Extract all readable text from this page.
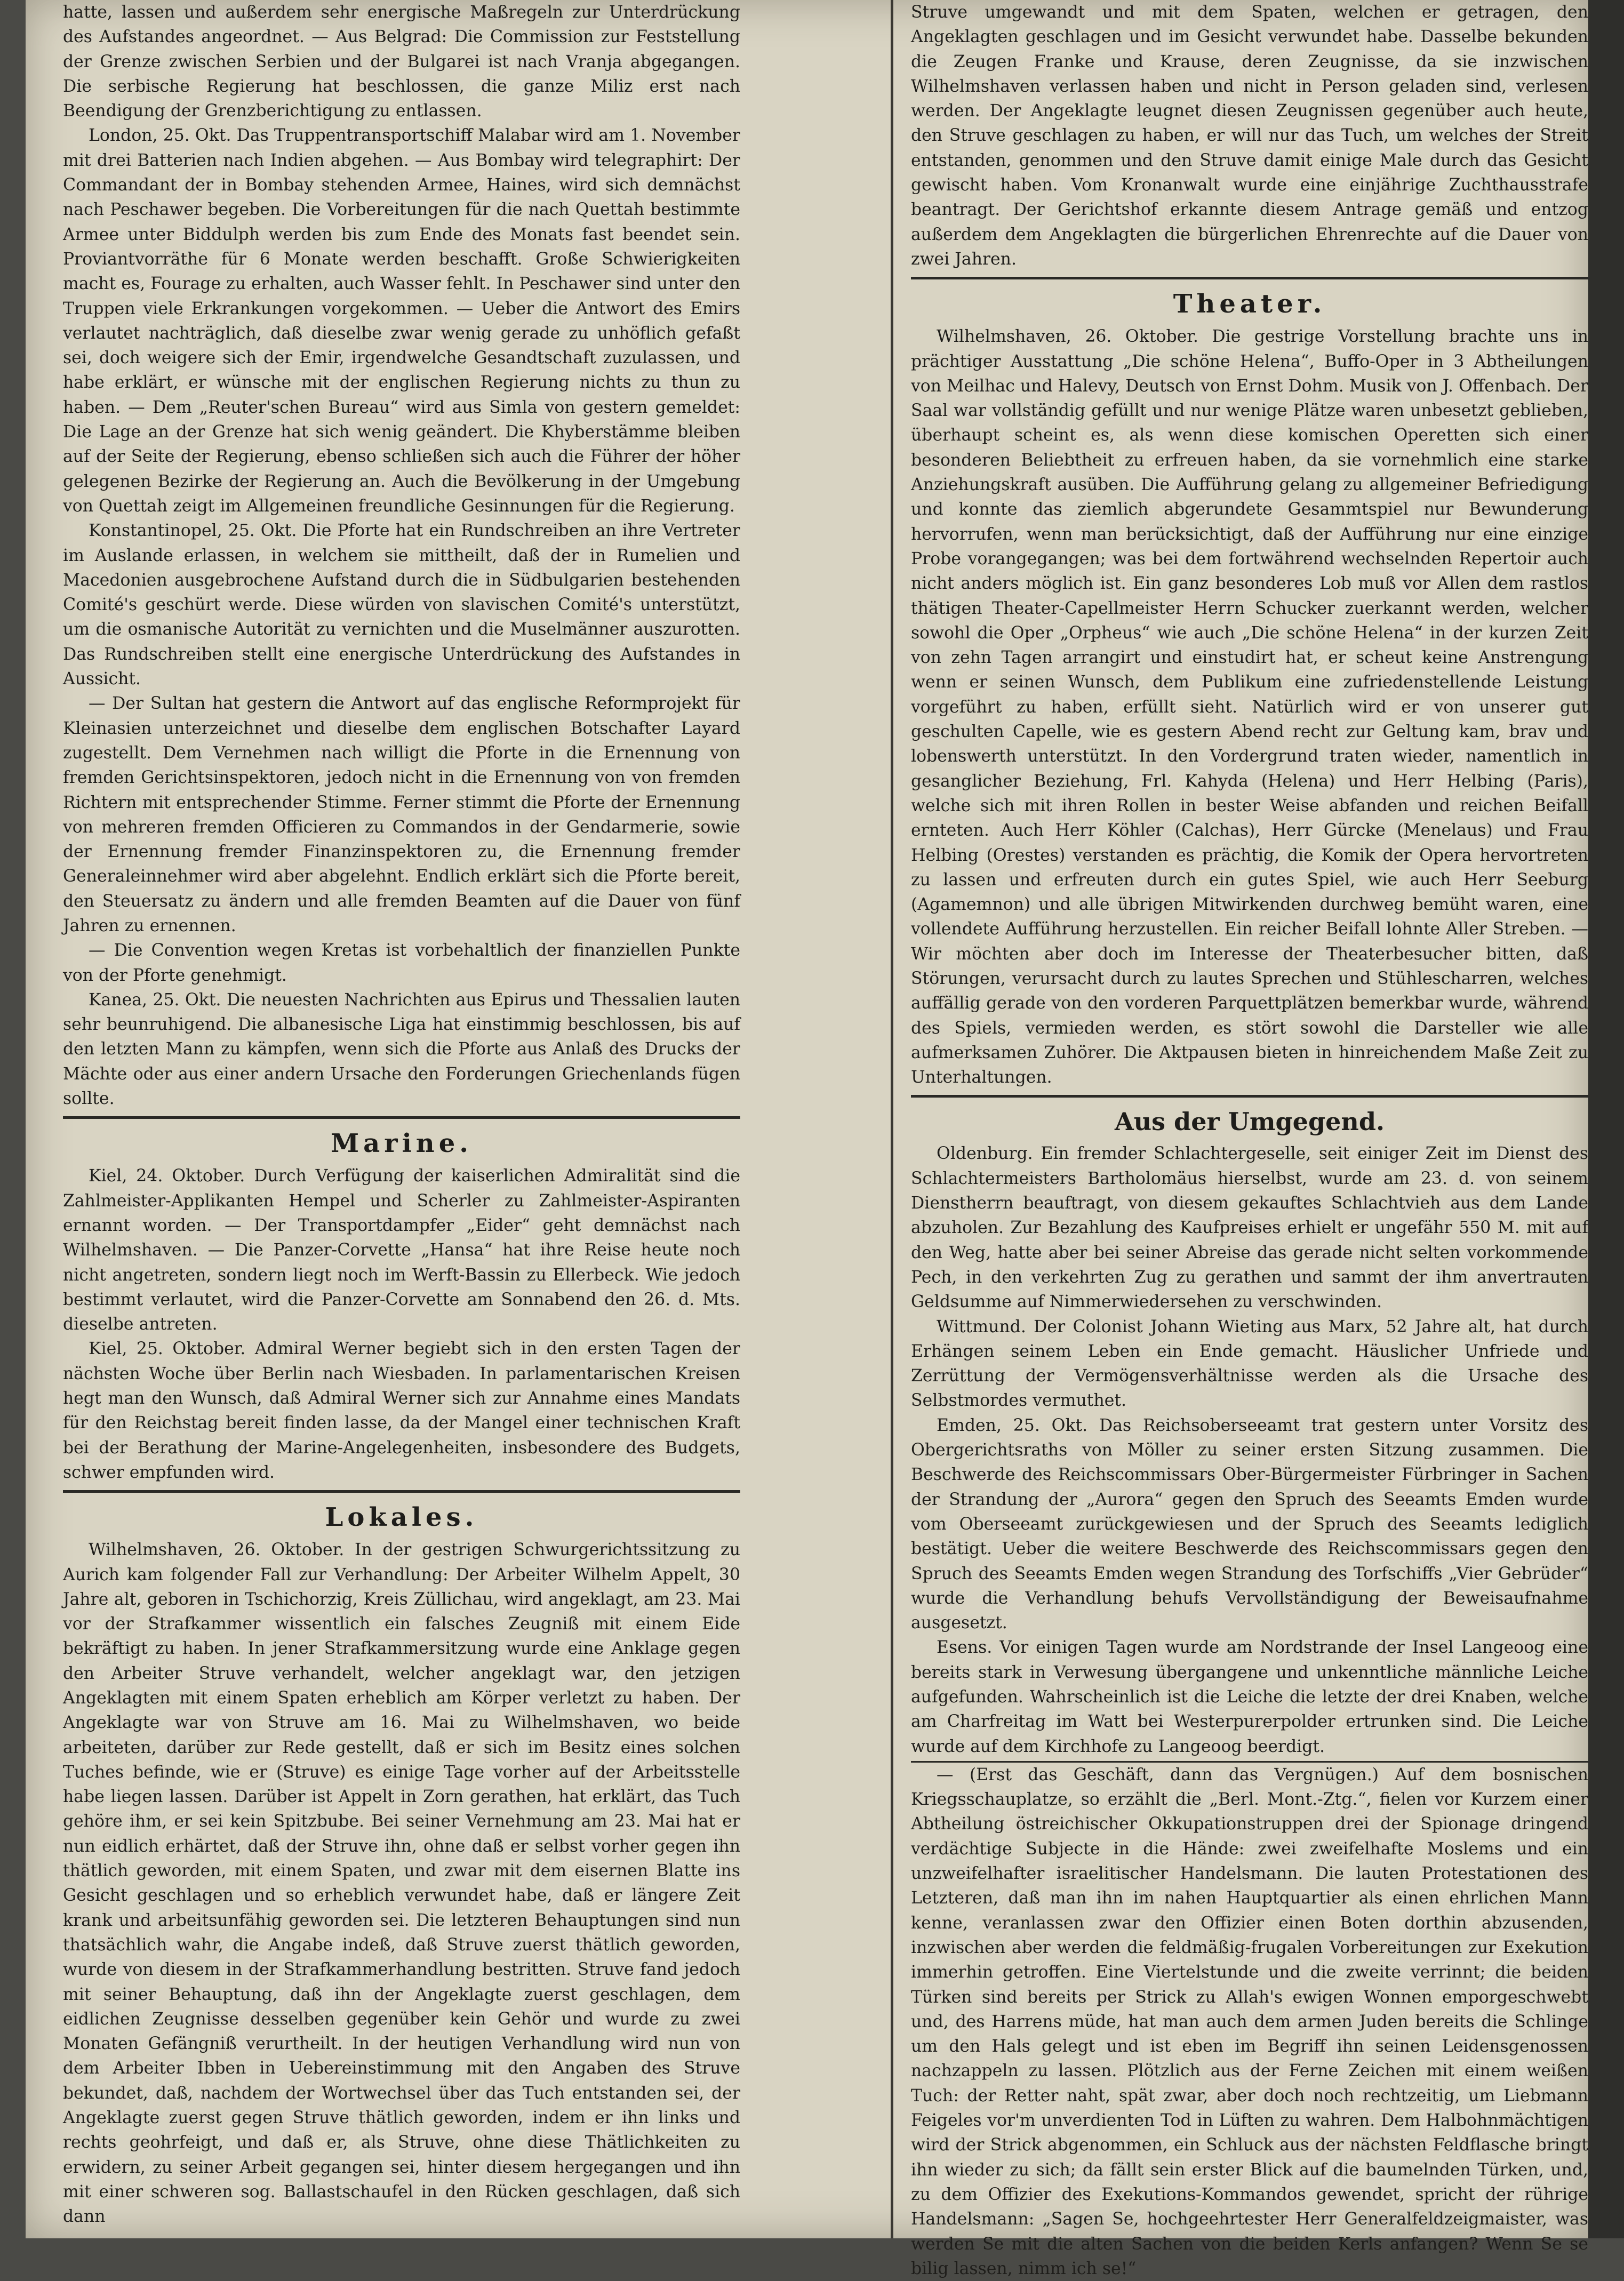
hatte, lassen und außerdem sehr energische Maßregeln zur Unterdrückung des Aufstandes angeordnet. — Aus Belgrad: Die Commission zur Feststellung der Grenze zwischen Serbien und der Bulgarei ist nach Vranja abgegangen. Die serbische Regierung hat beschlossen, die ganze Miliz erst nach Beendigung der Grenzberichtigung zu entlassen.

London, 25. Okt. Das Truppentransportschiff Malabar wird am 1. November mit drei Batterien nach Indien abgehen. — Aus Bombay wird telegraphirt: Der Commandant der in Bombay stehenden Armee, Haines, wird sich demnächst nach Peschawer begeben. Die Vorbereitungen für die nach Quettah bestimmte Armee unter Biddulph werden bis zum Ende des Monats fast beendet sein. Proviantvorräthe für 6 Monate werden beschafft. Große Schwierigkeiten macht es, Fourage zu erhalten, auch Wasser fehlt. In Peschawer sind unter den Truppen viele Erkrankungen vorgekommen. — Ueber die Antwort des Emirs verlautet nachträglich, daß dieselbe zwar wenig gerade zu unhöflich gefaßt sei, doch weigere sich der Emir, irgendwelche Gesandtschaft zuzulassen, und habe erklärt, er wünsche mit der englischen Regierung nichts zu thun zu haben. — Dem „Reuter'schen Bureau“ wird aus Simla von gestern gemeldet: Die Lage an der Grenze hat sich wenig geändert. Die Khyberstämme bleiben auf der Seite der Regierung, ebenso schließen sich auch die Führer der höher gelegenen Bezirke der Regierung an. Auch die Bevölkerung in der Umgebung von Quettah zeigt im Allgemeinen freundliche Gesinnungen für die Regierung.

Konstantinopel, 25. Okt. Die Pforte hat ein Rundschreiben an ihre Vertreter im Auslande erlassen, in welchem sie mittheilt, daß der in Rumelien und Macedonien ausgebrochene Aufstand durch die in Südbulgarien bestehenden Comité's geschürt werde. Diese würden von slavischen Comité's unterstützt, um die osmanische Autorität zu vernichten und die Muselmänner auszurotten. Das Rundschreiben stellt eine energische Unterdrückung des Aufstandes in Aussicht.

— Der Sultan hat gestern die Antwort auf das englische Reformprojekt für Kleinasien unterzeichnet und dieselbe dem englischen Botschafter Layard zugestellt. Dem Vernehmen nach willigt die Pforte in die Ernennung von fremden Gerichtsinspektoren, jedoch nicht in die Ernennung von von fremden Richtern mit entsprechender Stimme. Ferner stimmt die Pforte der Ernennung von mehreren fremden Officieren zu Commandos in der Gendarmerie, sowie der Ernennung fremder Finanzinspektoren zu, die Ernennung fremder Generaleinnehmer wird aber abgelehnt. Endlich erklärt sich die Pforte bereit, den Steuersatz zu ändern und alle fremden Beamten auf die Dauer von fünf Jahren zu ernennen.

— Die Convention wegen Kretas ist vorbehaltlich der finanziellen Punkte von der Pforte genehmigt.

Kanea, 25. Okt. Die neuesten Nachrichten aus Epirus und Thessalien lauten sehr beunruhigend. Die albanesische Liga hat einstimmig beschlossen, bis auf den letzten Mann zu kämpfen, wenn sich die Pforte aus Anlaß des Drucks der Mächte oder aus einer andern Ursache den Forderungen Griechenlands fügen sollte.

Marine.

Kiel, 24. Oktober. Durch Verfügung der kaiserlichen Admiralität sind die Zahlmeister-Applikanten Hempel und Scherler zu Zahlmeister-Aspiranten ernannt worden. — Der Transportdampfer „Eider“ geht demnächst nach Wilhelmshaven. — Die Panzer-Corvette „Hansa“ hat ihre Reise heute noch nicht angetreten, sondern liegt noch im Werft-Bassin zu Ellerbeck. Wie jedoch bestimmt verlautet, wird die Panzer-Corvette am Sonnabend den 26. d. Mts. dieselbe antreten.

Kiel, 25. Oktober. Admiral Werner begiebt sich in den ersten Tagen der nächsten Woche über Berlin nach Wiesbaden. In parlamentarischen Kreisen hegt man den Wunsch, daß Admiral Werner sich zur Annahme eines Mandats für den Reichstag bereit finden lasse, da der Mangel einer technischen Kraft bei der Berathung der Marine-Angelegenheiten, insbesondere des Budgets, schwer empfunden wird.

Lokales.

Wilhelmshaven, 26. Oktober. In der gestrigen Schwurgerichtssitzung zu Aurich kam folgender Fall zur Verhandlung: Der Arbeiter Wilhelm Appelt, 30 Jahre alt, geboren in Tschichorzig, Kreis Züllichau, wird angeklagt, am 23. Mai vor der Strafkammer wissentlich ein falsches Zeugniß mit einem Eide bekräftigt zu haben. In jener Strafkammersitzung wurde eine Anklage gegen den Arbeiter Struve verhandelt, welcher angeklagt war, den jetzigen Angeklagten mit einem Spaten erheblich am Körper verletzt zu haben. Der Angeklagte war von Struve am 16. Mai zu Wilhelmshaven, wo beide arbeiteten, darüber zur Rede gestellt, daß er sich im Besitz eines solchen Tuches befinde, wie er (Struve) es einige Tage vorher auf der Arbeitsstelle habe liegen lassen. Darüber ist Appelt in Zorn gerathen, hat erklärt, das Tuch gehöre ihm, er sei kein Spitzbube. Bei seiner Vernehmung am 23. Mai hat er nun eidlich erhärtet, daß der Struve ihn, ohne daß er selbst vorher gegen ihn thätlich geworden, mit einem Spaten, und zwar mit dem eisernen Blatte ins Gesicht geschlagen und so erheblich verwundet habe, daß er längere Zeit krank und arbeitsunfähig geworden sei. Die letzteren Behauptungen sind nun thatsächlich wahr, die Angabe indeß, daß Struve zuerst thätlich geworden, wurde von diesem in der Strafkammerhandlung bestritten. Struve fand jedoch mit seiner Behauptung, daß ihn der Angeklagte zuerst geschlagen, dem eidlichen Zeugnisse desselben gegenüber kein Gehör und wurde zu zwei Monaten Gefängniß verurtheilt. In der heutigen Verhandlung wird nun von dem Arbeiter Ibben in Uebereinstimmung mit den Angaben des Struve bekundet, daß, nachdem der Wortwechsel über das Tuch entstanden sei, der Angeklagte zuerst gegen Struve thätlich geworden, indem er ihn links und rechts geohrfeigt, und daß er, als Struve, ohne diese Thätlichkeiten zu erwidern, zu seiner Arbeit gegangen sei, hinter diesem hergegangen und ihn mit einer schweren sog. Ballastschaufel in den Rücken geschlagen, daß sich dann

Struve umgewandt und mit dem Spaten, welchen er getragen, den Angeklagten geschlagen und im Gesicht verwundet habe. Dasselbe bekunden die Zeugen Franke und Krause, deren Zeugnisse, da sie inzwischen Wilhelmshaven verlassen haben und nicht in Person geladen sind, verlesen werden. Der Angeklagte leugnet diesen Zeugnissen gegenüber auch heute, den Struve geschlagen zu haben, er will nur das Tuch, um welches der Streit entstanden, genommen und den Struve damit einige Male durch das Gesicht gewischt haben. Vom Kronanwalt wurde eine einjährige Zuchthausstrafe beantragt. Der Gerichtshof erkannte diesem Antrage gemäß und entzog außerdem dem Angeklagten die bürgerlichen Ehrenrechte auf die Dauer von zwei Jahren.

Theater.

Wilhelmshaven, 26. Oktober. Die gestrige Vorstellung brachte uns in prächtiger Ausstattung „Die schöne Helena“, Buffo-Oper in 3 Abtheilungen von Meilhac und Halevy, Deutsch von Ernst Dohm. Musik von J. Offenbach. Der Saal war vollständig gefüllt und nur wenige Plätze waren unbesetzt geblieben, überhaupt scheint es, als wenn diese komischen Operetten sich einer besonderen Beliebtheit zu erfreuen haben, da sie vornehmlich eine starke Anziehungskraft ausüben. Die Aufführung gelang zu allgemeiner Befriedigung und konnte das ziemlich abgerundete Gesammtspiel nur Bewunderung hervorrufen, wenn man berücksichtigt, daß der Aufführung nur eine einzige Probe vorangegangen; was bei dem fortwährend wechselnden Repertoir auch nicht anders möglich ist. Ein ganz besonderes Lob muß vor Allen dem rastlos thätigen Theater-Capellmeister Herrn Schucker zuerkannt werden, welcher sowohl die Oper „Orpheus“ wie auch „Die schöne Helena“ in der kurzen Zeit von zehn Tagen arrangirt und einstudirt hat, er scheut keine Anstrengung wenn er seinen Wunsch, dem Publikum eine zufriedenstellende Leistung vorgeführt zu haben, erfüllt sieht. Natürlich wird er von unserer gut geschulten Capelle, wie es gestern Abend recht zur Geltung kam, brav und lobenswerth unterstützt. In den Vordergrund traten wieder, namentlich in gesanglicher Beziehung, Frl. Kahyda (Helena) und Herr Helbing (Paris), welche sich mit ihren Rollen in bester Weise abfanden und reichen Beifall ernteten. Auch Herr Köhler (Calchas), Herr Gürcke (Menelaus) und Frau Helbing (Orestes) verstanden es prächtig, die Komik der Opera hervortreten zu lassen und erfreuten durch ein gutes Spiel, wie auch Herr Seeburg (Agamemnon) und alle übrigen Mitwirkenden durchweg bemüht waren, eine vollendete Aufführung herzustellen. Ein reicher Beifall lohnte Aller Streben. — Wir möchten aber doch im Interesse der Theaterbesucher bitten, daß Störungen, verursacht durch zu lautes Sprechen und Stühlescharren, welches auffällig gerade von den vorderen Parquettplätzen bemerkbar wurde, während des Spiels, vermieden werden, es stört sowohl die Darsteller wie alle aufmerksamen Zuhörer. Die Aktpausen bieten in hinreichendem Maße Zeit zu Unterhaltungen.

Aus der Umgegend.

Oldenburg. Ein fremder Schlachtergeselle, seit einiger Zeit im Dienst des Schlachtermeisters Bartholomäus hierselbst, wurde am 23. d. von seinem Dienstherrn beauftragt, von diesem gekauftes Schlachtvieh aus dem Lande abzuholen. Zur Bezahlung des Kaufpreises erhielt er ungefähr 550 M. mit auf den Weg, hatte aber bei seiner Abreise das gerade nicht selten vorkommende Pech, in den verkehrten Zug zu gerathen und sammt der ihm anvertrauten Geldsumme auf Nimmerwiedersehen zu verschwinden.

Wittmund. Der Colonist Johann Wieting aus Marx, 52 Jahre alt, hat durch Erhängen seinem Leben ein Ende gemacht. Häuslicher Unfriede und Zerrüttung der Vermögensverhältnisse werden als die Ursache des Selbstmordes vermuthet.

Emden, 25. Okt. Das Reichsoberseeamt trat gestern unter Vorsitz des Obergerichtsraths von Möller zu seiner ersten Sitzung zusammen. Die Beschwerde des Reichscommissars Ober-Bürgermeister Fürbringer in Sachen der Strandung der „Aurora“ gegen den Spruch des Seeamts Emden wurde vom Oberseeamt zurückgewiesen und der Spruch des Seeamts lediglich bestätigt. Ueber die weitere Beschwerde des Reichscommissars gegen den Spruch des Seeamts Emden wegen Strandung des Torfschiffs „Vier Gebrüder“ wurde die Verhandlung behufs Vervollständigung der Beweisaufnahme ausgesetzt.

Esens. Vor einigen Tagen wurde am Nordstrande der Insel Langeoog eine bereits stark in Verwesung übergangene und unkenntliche männliche Leiche aufgefunden. Wahrscheinlich ist die Leiche die letzte der drei Knaben, welche am Charfreitag im Watt bei Westerpurerpolder ertrunken sind. Die Leiche wurde auf dem Kirchhofe zu Langeoog beerdigt.

— (Erst das Geschäft, dann das Vergnügen.) Auf dem bosnischen Kriegsschauplatze, so erzählt die „Berl. Mont.-Ztg.“, fielen vor Kurzem einer Abtheilung östreichischer Okkupationstruppen drei der Spionage dringend verdächtige Subjecte in die Hände: zwei zweifelhafte Moslems und ein unzweifelhafter israelitischer Handelsmann. Die lauten Protestationen des Letzteren, daß man ihn im nahen Hauptquartier als einen ehrlichen Mann kenne, veranlassen zwar den Offizier einen Boten dorthin abzusenden, inzwischen aber werden die feldmäßig-frugalen Vorbereitungen zur Exekution immerhin getroffen. Eine Viertelstunde und die zweite verrinnt; die beiden Türken sind bereits per Strick zu Allah's ewigen Wonnen emporgeschwebt und, des Harrens müde, hat man auch dem armen Juden bereits die Schlinge um den Hals gelegt und ist eben im Begriff ihn seinen Leidensgenossen nachzappeln zu lassen. Plötzlich aus der Ferne Zeichen mit einem weißen Tuch: der Retter naht, spät zwar, aber doch noch rechtzeitig, um Liebmann Feigeles vor'm unverdienten Tod in Lüften zu wahren. Dem Halbohnmächtigen wird der Strick abgenommen, ein Schluck aus der nächsten Feldflasche bringt ihn wieder zu sich; da fällt sein erster Blick auf die baumelnden Türken, und, zu dem Offizier des Exekutions-Kommandos gewendet, spricht der rührige Handelsmann: „Sagen Se, hochgeehrtester Herr Generalfeldzeigmaister, was werden Se mit die alten Sachen von die beiden Kerls anfangen? Wenn Se se bilig lassen, nimm ich se!“
